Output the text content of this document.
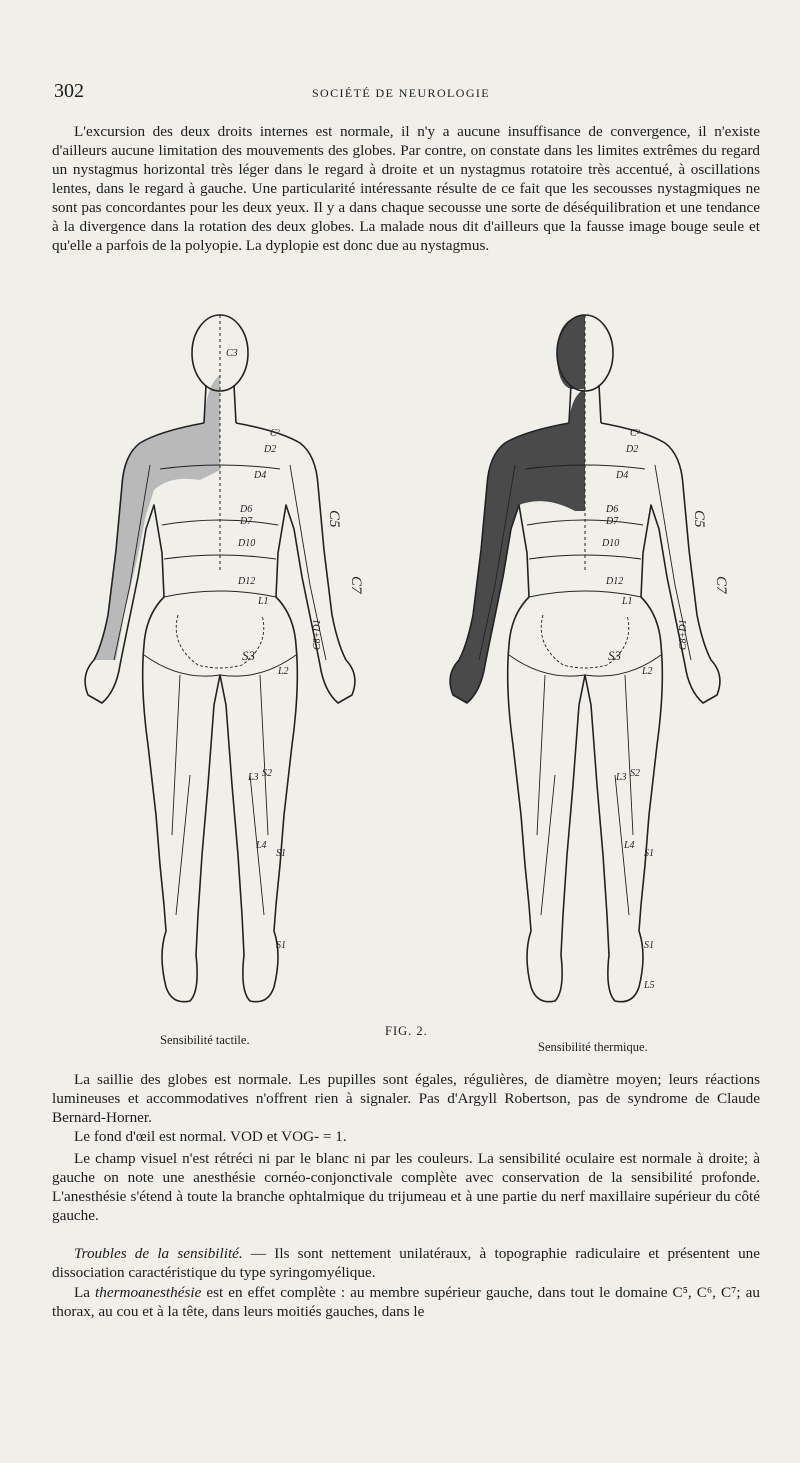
302	SOCIÉTÉ DE NEUROLOGIE

L'excursion des deux droits internes est normale, il n'y a aucune insuffisance de convergence, il n'existe d'ailleurs aucune limitation des mouvements des globes. Par contre, on constate dans les limites extrêmes du regard un nystagmus horizontal très léger dans le regard à droite et un nystagmus rotatoire très accentué, à oscillations lentes, dans le regard à gauche. Une particularité intéressante résulte de ce fait que les secousses nystagmiques ne sont pas concordantes pour les deux yeux. Il y a dans chaque secousse une sorte de déséquilibration et une tendance à la divergence dans la rotation des deux globes. La malade nous dit d'ailleurs que la fausse image bouge seule et qu'elle a parfois de la polyopie. La dyplopie est donc due au nystagmus.

C3
C²
D2
D4
D6
D7
D10
D12
L1
S3
L2
L3 S2
L4
S1
S1
C5
C7
C8+D1
C²
D2
D4
D6
D7
D10
D12
L1
S3
L2
L3 S2
L4
S1
S1
L5
C5
C7
C8+D1
FIG. 2.
Sensibilité tactile.	Sensibilité thermique.

La saillie des globes est normale. Les pupilles sont égales, régulières, de diamètre moyen; leurs réactions lumineuses et accommodatives n'offrent rien à signaler. Pas d'Argyll Robertson, pas de syndrome de Claude Bernard-Horner.

Le fond d'œil est normal. VOD et VOG- = 1.

Le champ visuel n'est rétréci ni par le blanc ni par les couleurs. La sensibilité oculaire est normale à droite; à gauche on note une anesthésie cornéo-conjonctivale complète avec conservation de la sensibilité profonde. L'anesthésie s'étend à toute la branche ophtalmique du trijumeau et à une partie du nerf maxillaire supérieur du côté gauche.

Troubles de la sensibilité. — Ils sont nettement unilatéraux, à topographie radiculaire et présentent une dissociation caractéristique du type syringomyélique.

La thermoanesthésie est en effet complète : au membre supérieur gauche, dans tout le domaine C⁵, C⁶, C⁷; au thorax, au cou et à la tête, dans leurs moitiés gauches, dans le
